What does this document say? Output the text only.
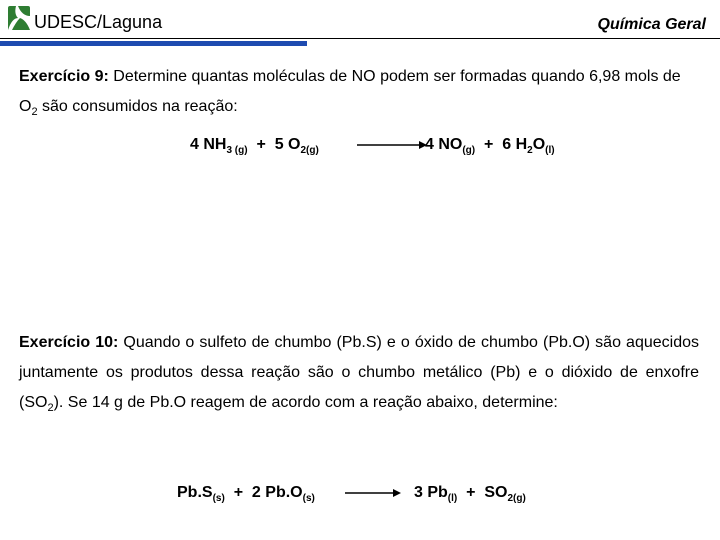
UDESC/Laguna	Química Geral
Exercício 9: Determine quantas moléculas de NO podem ser formadas quando 6,98 mols de $O_2$ são consumidos na reação:
4 $NH_{3 (g)} + 5$ $O_{2(g)}$	4 $NO_{(g)} + 6$ $H_2O_{(l)}$
Exercício 10: Quando o sulfeto de chumbo (Pb.S) e o óxido de chumbo (Pb.O) são aquecidos juntamente os produtos dessa reação são o chumbo metálico (Pb) e o dióxido de enxofre $(SO_2)$. Se 14 g de Pb.O reagem de acordo com a reação abaixo, determine:
$Pb.S_{(s)} + 2$ $Pb.O_{(s)} \to 3$ $Pb_{(l)} + SO_{2(g)}$
